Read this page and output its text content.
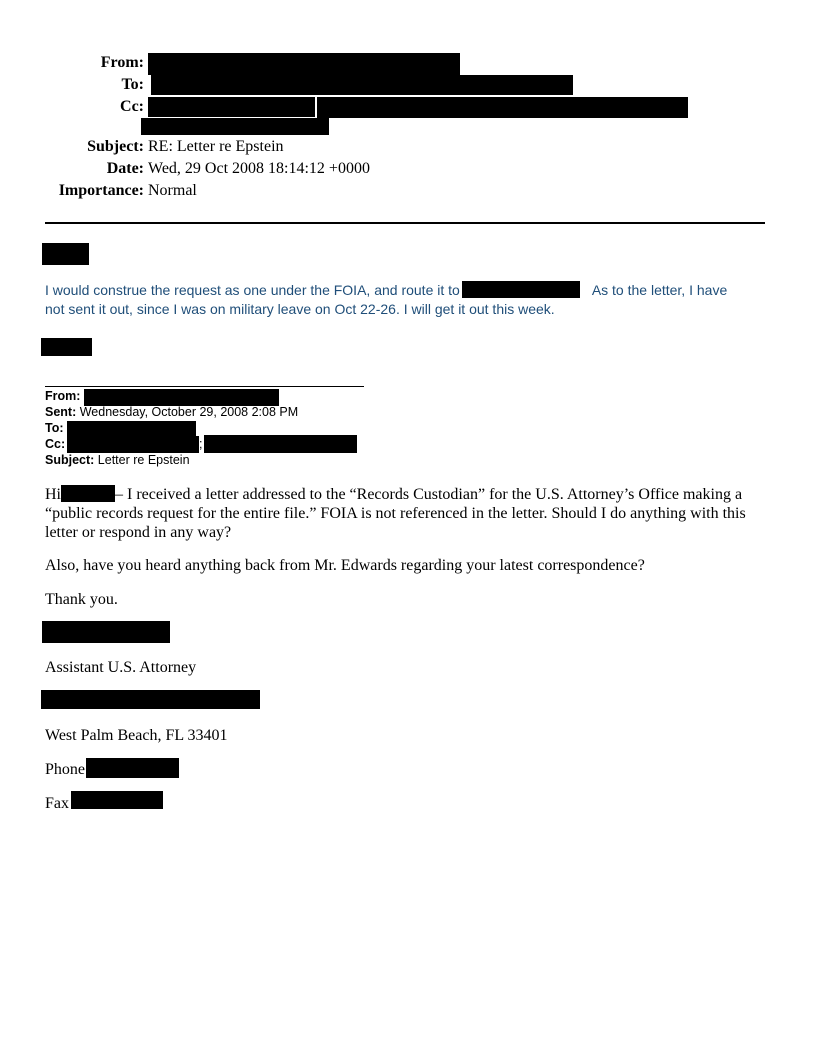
From:
To:
Cc:
Subject: RE: Letter re Epstein
Date: Wed, 29 Oct 2008 18:14:12 +0000
Importance: Normal
I would construe the request as one under the FOIA, and route it to	As to the letter, I have
not sent it out, since I was on military leave on Oct 22-26. I will get it out this week.
From:
Sent: Wednesday, October 29, 2008 2:08 PM
To:
Cc:	;
Subject: Letter re Epstein
Hi	– I received a letter addressed to the “Records Custodian” for the U.S. Attorney’s Office making a
“public records request for the entire file.” FOIA is not referenced in the letter. Should I do anything with this
letter or respond in any way?
Also, have you heard anything back from Mr. Edwards regarding your latest correspondence?
Thank you.
Assistant U.S. Attorney
West Palm Beach, FL 33401
Phone
Fax
